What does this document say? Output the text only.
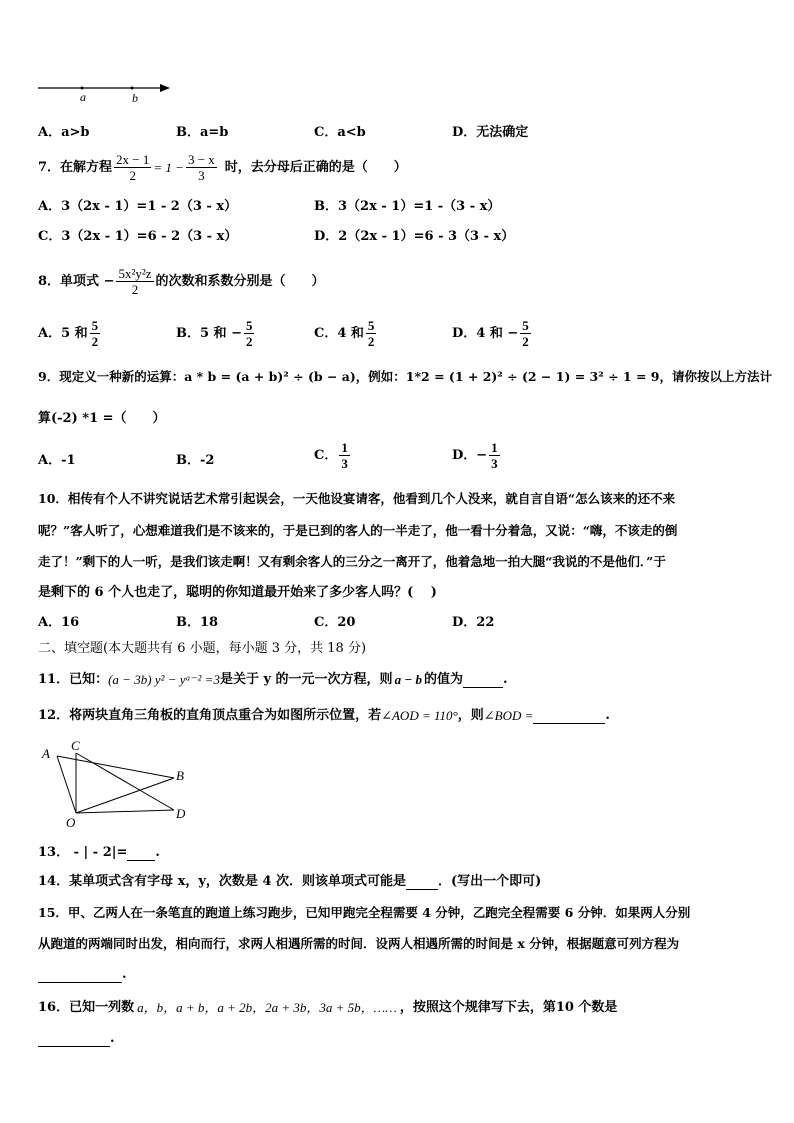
a	b
A．a>b	B．a=b	C．a<b	D．无法确定
7．在解方程 $\frac{2x - 1}{2} = 1 - \frac{3 - x}{3}$ 时，去分母后正确的是（　　）
A．3（2x - 1）=1 - 2（3 - x）	B．3（2x - 1）=1 -（3 - x）
C．3（2x - 1）=6 - 2（3 - x）	D．2（2x - 1）=6 - 3（3 - x）
8．单项式 − $\frac{\text{5x²y²z}}{2}$ 的次数和系数分别是（　　）
A．5 和 $\frac{5}{2}$	B．5 和 − $\frac{5}{2}$	C．4 和 $\frac{5}{2}$	D．4 和 − $\frac{5}{2}$
9．现定义一种新的运算：a * b = (a + b)² ÷ (b − a)，例如：1*2 = (1 + 2)² ÷ (2 − 1) = 3² ÷ 1 = 9，请你按以上方法计
算(-2) *1 =（　　）
A．-1	B．-2	C． $\frac{1}{3}$	D．− $\frac{1}{3}$
10．相传有个人不讲究说话艺术常引起误会，一天他设宴请客，他看到几个人没来，就自言自语“怎么该来的还不来
呢？”客人听了，心想难道我们是不该来的，于是已到的客人的一半走了，他一看十分着急，又说：“嗨，不该走的倒
走了！”剩下的人一听，是我们该走啊！又有剩余客人的三分之一离开了，他着急地一拍大腿“我说的不是他们．”于
是剩下的 6 个人也走了，聪明的你知道最开始来了多少客人吗？(　 )
A．16	B．18	C．20	D．22
二、填空题(本大题共有 6 小题，每小题 3 分，共 18 分)
11．已知： (a − 3b) y² − yᵃ⁻² =3 是关于 y 的一元一次方程，则 a − b 的值为	.
12．将两块直角三角板的直角顶点重合为如图所示位置，若 ∠AOD = 110° ，则 ∠BOD =	.
A
C
B
O
D
13． - | - 2|= .
14．某单项式含有字母 x，y，次数是 4 次．则该单项式可能是 ．(写出一个即可)
15．甲、乙两人在一条笔直的跑道上练习跑步，已知甲跑完全程需要 4 分钟，乙跑完全程需要 6 分钟．如果两人分别
从跑道的两端同时出发，相向而行，求两人相遇所需的时间．设两人相遇所需的时间是 x 分钟，根据题意可列方程为
.
16．已知一列数 a，b，a + b，a + 2b，2a + 3b，3a + 5b，…… ，按照这个规律写下去，第10 个数是
.
